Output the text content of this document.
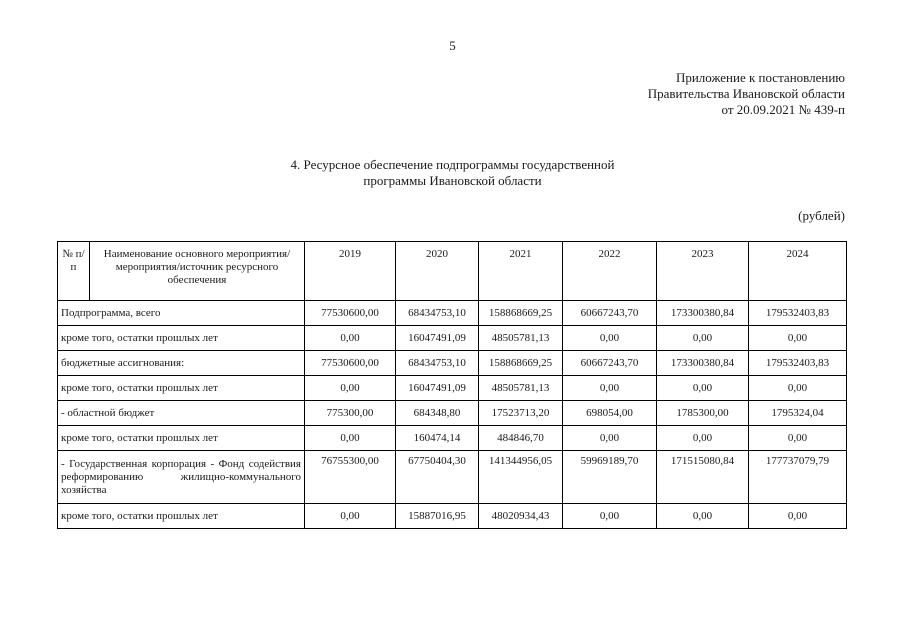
5
Приложение к постановлению
Правительства Ивановской области
от 20.09.2021 № 439-п
4. Ресурсное обеспечение подпрограммы государственной
программы Ивановской области
(рублей)
№ п/п	Наименование основного мероприятия/мероприятия/источник ресурсного обеспечения	2019	2020	2021	2022	2023	2024
Подпрограмма, всего		77530600,00	68434753,10	158868669,25	60667243,70	173300380,84	179532403,83
кроме того, остатки прошлых лет		0,00	16047491,09	48505781,13	0,00	0,00	0,00
бюджетные ассигнования:		77530600,00	68434753,10	158868669,25	60667243,70	173300380,84	179532403,83
кроме того, остатки прошлых лет		0,00	16047491,09	48505781,13	0,00	0,00	0,00
- областной бюджет		775300,00	684348,80	17523713,20	698054,00	1785300,00	1795324,04
кроме того, остатки прошлых лет		0,00	160474,14	484846,70	0,00	0,00	0,00
- Государственная корпорация - Фонд содействия реформированию жилищно-коммунального хозяйства		76755300,00	67750404,30	141344956,05	59969189,70	171515080,84	177737079,79
кроме того, остатки прошлых лет		0,00	15887016,95	48020934,43	0,00	0,00	0,00
